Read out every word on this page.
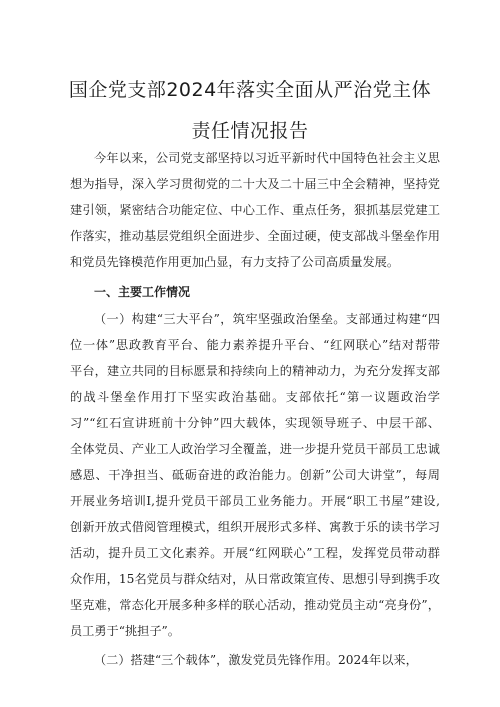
国企党支部2024年落实全面从严治党主体
责任情况报告
今年以来，公司党支部坚持以习近平新时代中国特色社会主义思
想为指导，深入学习贯彻党的二十大及二十届三中全会精神，坚持党
建引领，紧密结合功能定位、中心工作、重点任务，狠抓基层党建工
作落实，推动基层党组织全面进步、全面过硬，使支部战斗堡垒作用
和党员先锋模范作用更加凸显，有力支持了公司高质量发展。
一、主要工作情况
（一）构建“三大平台”，筑牢坚强政治堡垒。支部通过构建“四
位一体”思政教育平台、能力素养提升平台、“红网联心”结对帮带
平台，建立共同的目标愿景和持续向上的精神动力，为充分发挥支部
的战斗堡垒作用打下坚实政治基础。支部依托“第一议题政治学
习”“红石宣讲班前十分钟”四大载体，实现领导班子、中层干部、
全体党员、产业工人政治学习全覆盖，进一步提升党员干部员工忠诚
感恩、干净担当、砥砺奋进的政治能力。创新”公司大讲堂”，每周
开展业务培训I,提升党员干部员工业务能力。开展“职工书屋”建设,
创新开放式借阅管理模式，组织开展形式多样、寓教于乐的读书学习
活动，提升员工文化素养。开展“红网联心”工程，发挥党员带动群
众作用，15名党员与群众结对，从日常政策宣传、思想引导到携手攻
坚克难，常态化开展多种多样的联心活动，推动党员主动“亮身份”，
员工勇于“挑担子”。
（二）搭建“三个载体”，激发党员先锋作用。2024年以来，
